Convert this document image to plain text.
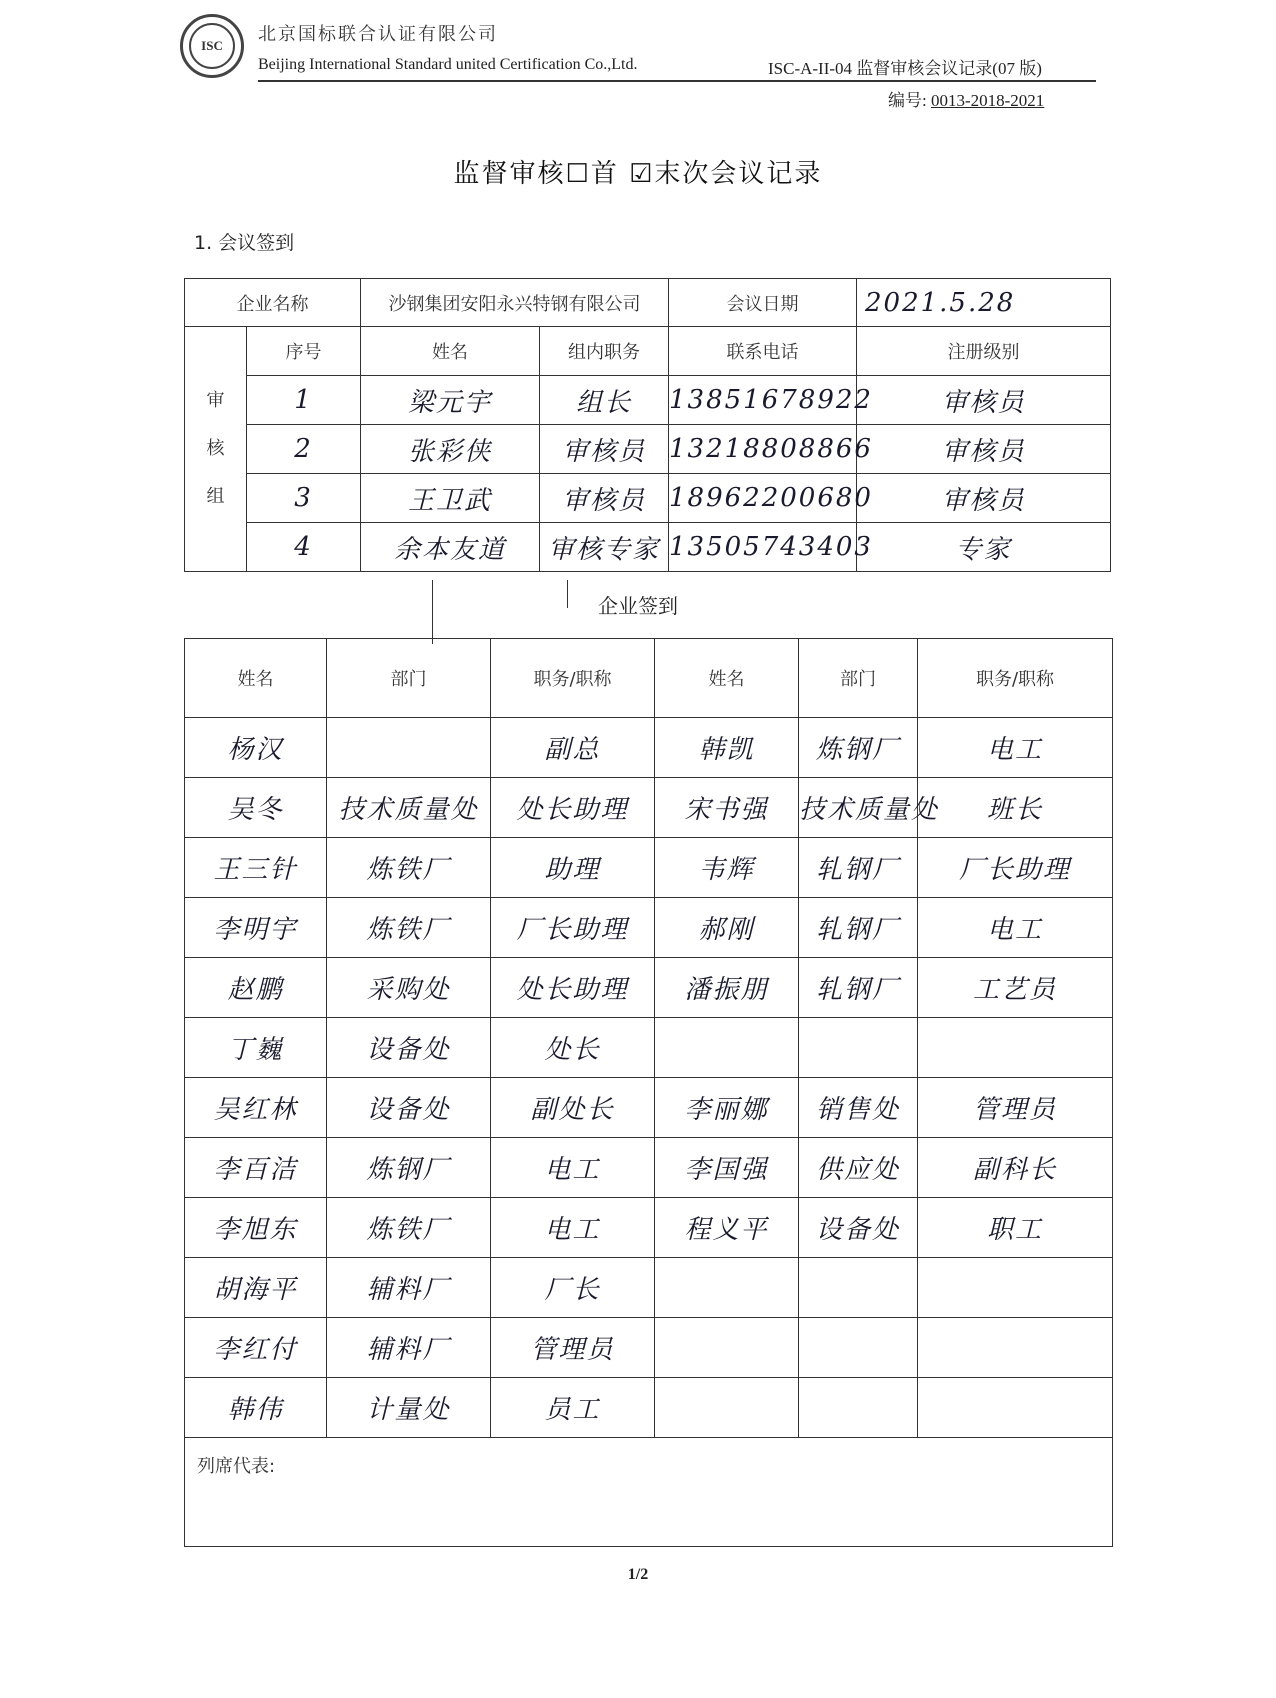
ISC
北京国标联合认证有限公司
Beijing International Standard united Certification Co.,Ltd.	ISC-A-II-04 监督审核会议记录(07 版)
编号: 0013-2018-2021
监督审核☐首 ☑末次会议记录
1. 会议签到
企业名称		沙钢集团安阳永兴特钢有限公司		会议日期	2021.5.28

审
核
组	序号	姓名	组内职务	联系电话	注册级别
	1	梁元宇	组长	13851678922	审核员
	2	张彩侠	审核员	13218808866	审核员
	3	王卫武	审核员	18962200680	审核员
	4	余本友道	审核专家	13505743403	专家
企业签到
姓名	部门	职务/职称	姓名	部门	职务/职称
杨汉		副总	韩凯	炼钢厂	电工
吴冬	技术质量处	处长助理	宋书强	技术质量处	班长
王三针	炼铁厂	助理	韦辉	轧钢厂	厂长助理
李明宇	炼铁厂	厂长助理	郝刚	轧钢厂	电工
赵鹏	采购处	处长助理	潘振朋	轧钢厂	工艺员
丁巍	设备处	处长			
吴红林	设备处	副处长	李丽娜	销售处	管理员
李百洁	炼钢厂	电工	李国强	供应处	副科长
李旭东	炼铁厂	电工	程义平	设备处	职工
胡海平	辅料厂	厂长			
李红付	辅料厂	管理员			
韩伟	计量处	员工			

列席代表:					
1/2
